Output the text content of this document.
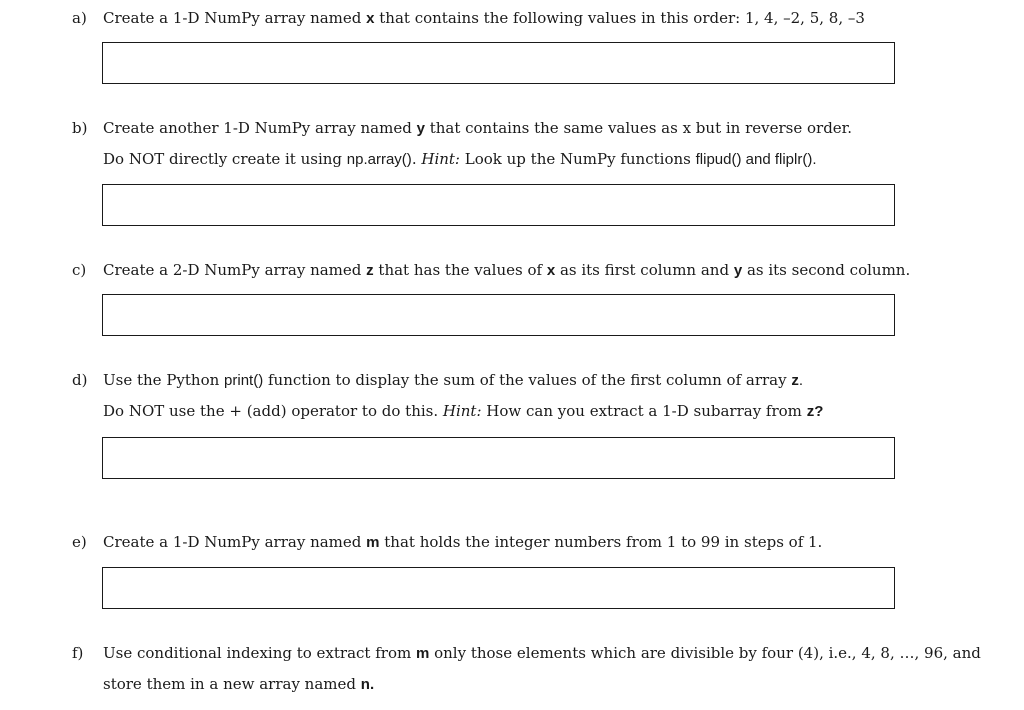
a) Create a 1-D NumPy array named x that contains the following values in this order: 1, 4, –2, 5, 8, –3
b) Create another 1-D NumPy array named y that contains the same values as x but in reverse order.
Do NOT directly create it using np.array(). Hint: Look up the NumPy functions flipud() and fliplr().
c) Create a 2-D NumPy array named z that has the values of x as its first column and y as its second column.
d) Use the Python print() function to display the sum of the values of the first column of array z.
Do NOT use the + (add) operator to do this. Hint: How can you extract a 1-D subarray from z?
e) Create a 1-D NumPy array named m that holds the integer numbers from 1 to 99 in steps of 1.
f) Use conditional indexing to extract from m only those elements which are divisible by four (4), i.e., 4, 8, …, 96, and
store them in a new array named n.
